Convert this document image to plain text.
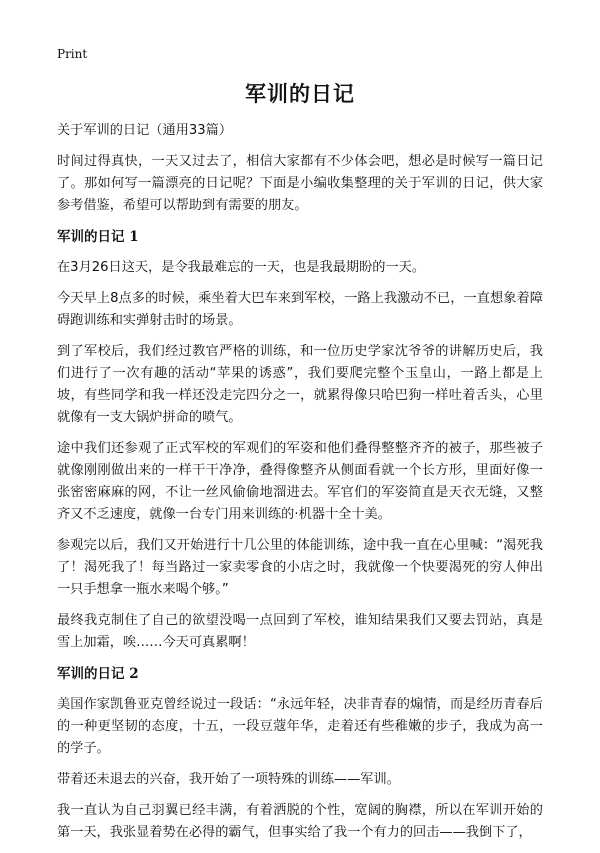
Print
军训的日记

关于军训的日记（通用33篇）

时间过得真快，一天又过去了，相信大家都有不少体会吧，想必是时候写一篇日记了。那如何写一篇漂亮的日记呢？下面是小编收集整理的关于军训的日记，供大家参考借鉴，希望可以帮助到有需要的朋友。

军训的日记 1

在3月26日这天，是令我最难忘的一天，也是我最期盼的一天。

今天早上8点多的时候，乘坐着大巴车来到军校，一路上我激动不已，一直想象着障碍跑训练和实弹射击时的场景。

到了军校后，我们经过教官严格的训练，和一位历史学家沈爷爷的讲解历史后，我们进行了一次有趣的活动“苹果的诱惑”，我们要爬完整个玉皇山，一路上都是上坡，有些同学和我一样还没走完四分之一，就累得像只哈巴狗一样吐着舌头，心里就像有一支大锅炉拼命的喷气。

途中我们还参观了正式军校的军观们的军姿和他们叠得整整齐齐的被子，那些被子就像刚刚做出来的一样干干净净，叠得像整齐从侧面看就一个长方形，里面好像一张密密麻麻的网，不让一丝风偷偷地溜进去。军官们的军姿简直是天衣无缝，又整齐又不乏速度，就像一台专门用来训练的·机器十全十美。

参观完以后，我们又开始进行十几公里的体能训练，途中我一直在心里喊：“渴死我了！渴死我了！每当路过一家卖零食的小店之时，我就像一个快要渴死的穷人伸出一只手想拿一瓶水来喝个够。”

最终我克制住了自己的欲望没喝一点回到了军校，谁知结果我们又要去罚站，真是雪上加霜，唉……今天可真累啊！

军训的日记 2

美国作家凯鲁亚克曾经说过一段话：“永远年轻，决非青春的煽情，而是经历青春后的一种更坚韧的态度，十五，一段豆蔻年华，走着还有些稚嫩的步子，我成为高一的学子。

带着还未退去的兴奋，我开始了一项特殊的训练——军训。

我一直认为自己羽翼已经丰满，有着洒脱的个性，宽阔的胸襟，所以在军训开始的第一天，我张显着势在必得的霸气，但事实给了我一个有力的回击——我倒下了，
